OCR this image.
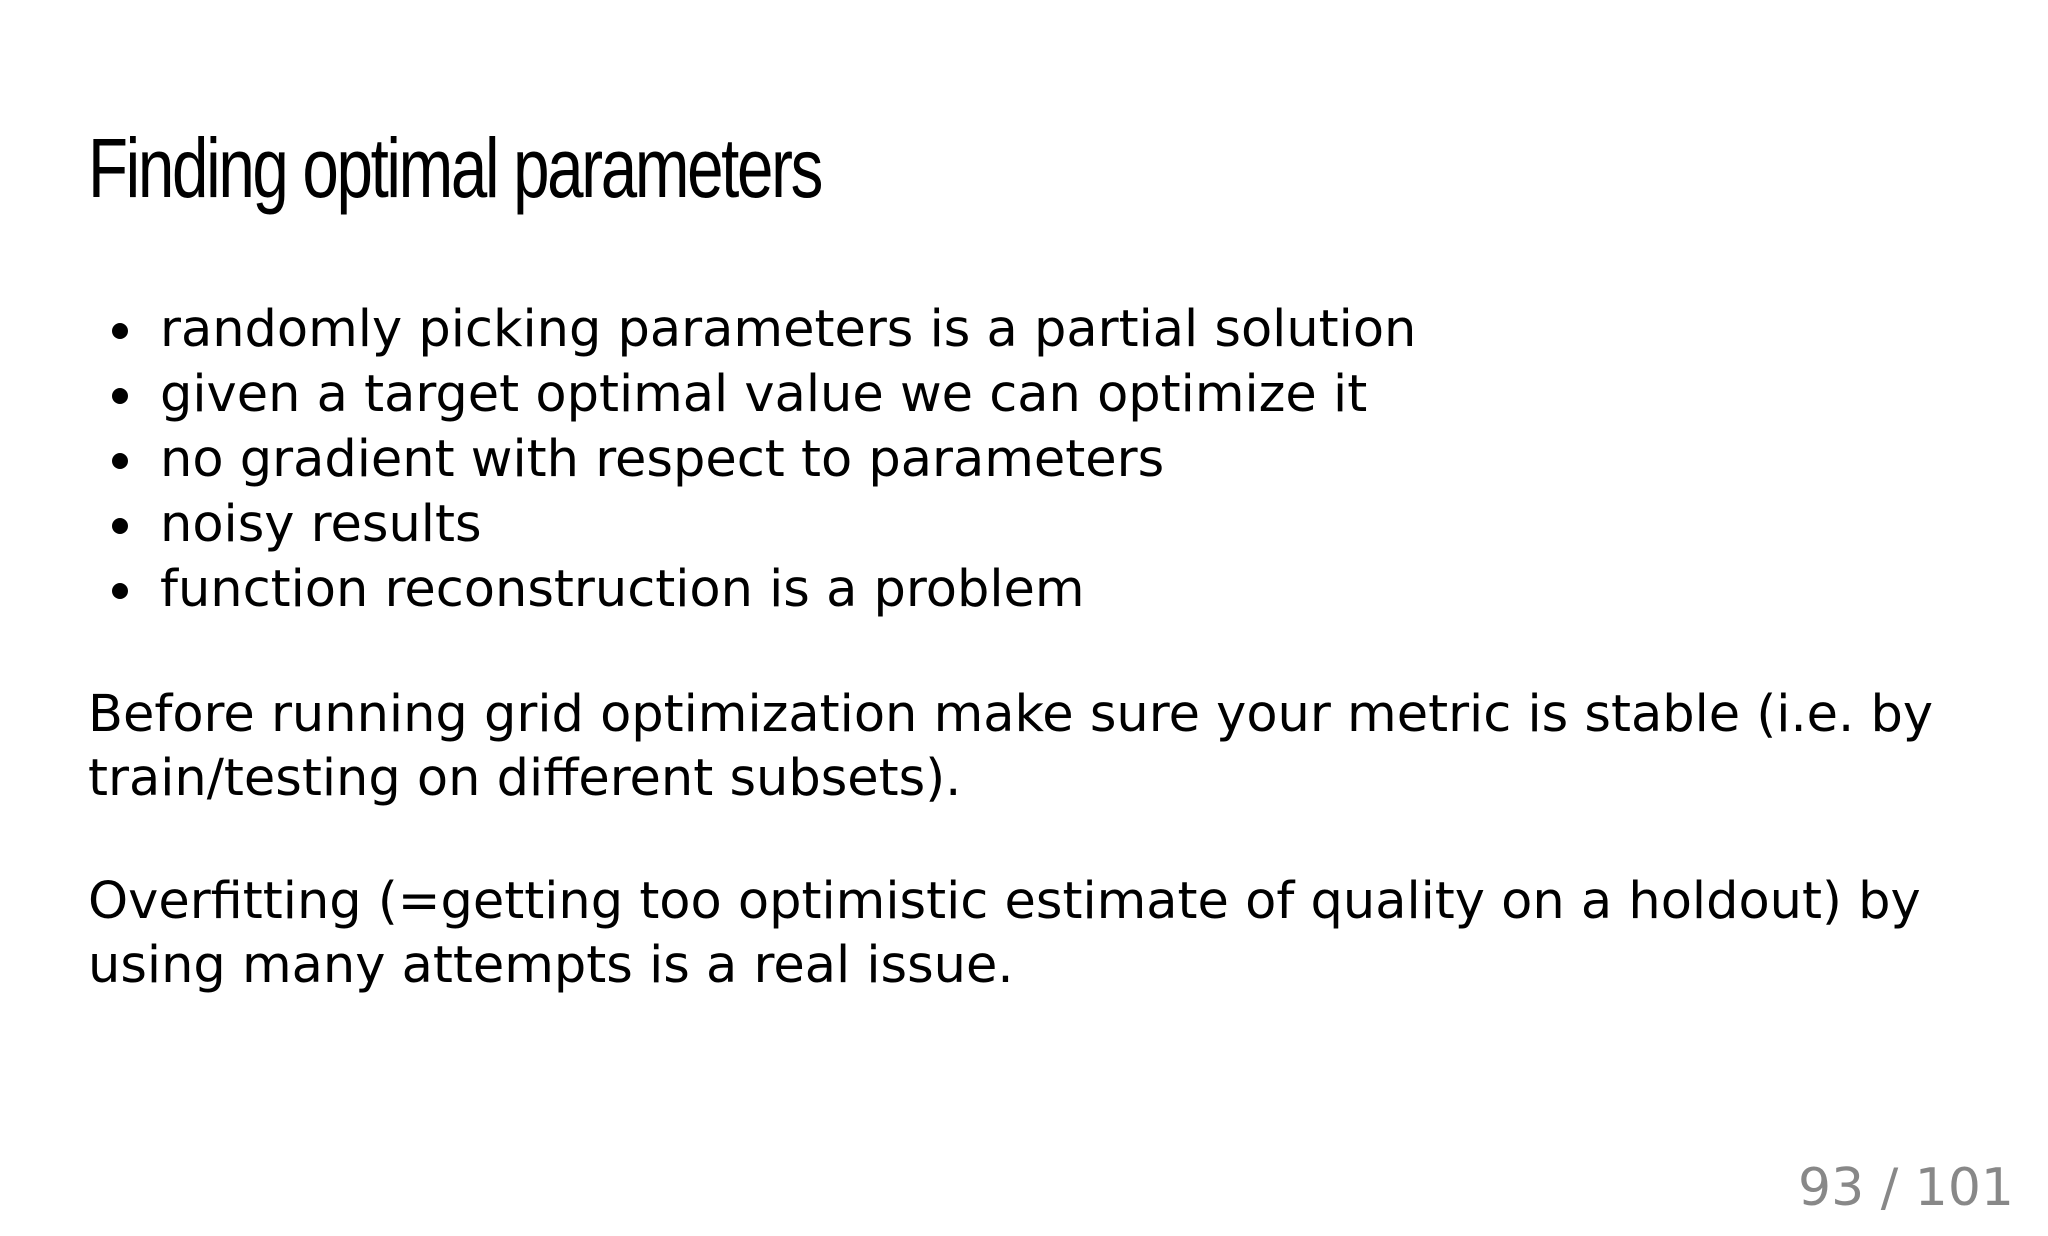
Finding optimal parameters
randomly picking parameters is a partial solution
given a target optimal value we can optimize it
no gradient with respect to parameters
noisy results
function reconstruction is a problem

Before running grid optimization make sure your metric is stable (i.e. by train/testing on different subsets).

Overfitting (=getting too optimistic estimate of quality on a holdout) by using many attempts is a real issue.

93 / 101
